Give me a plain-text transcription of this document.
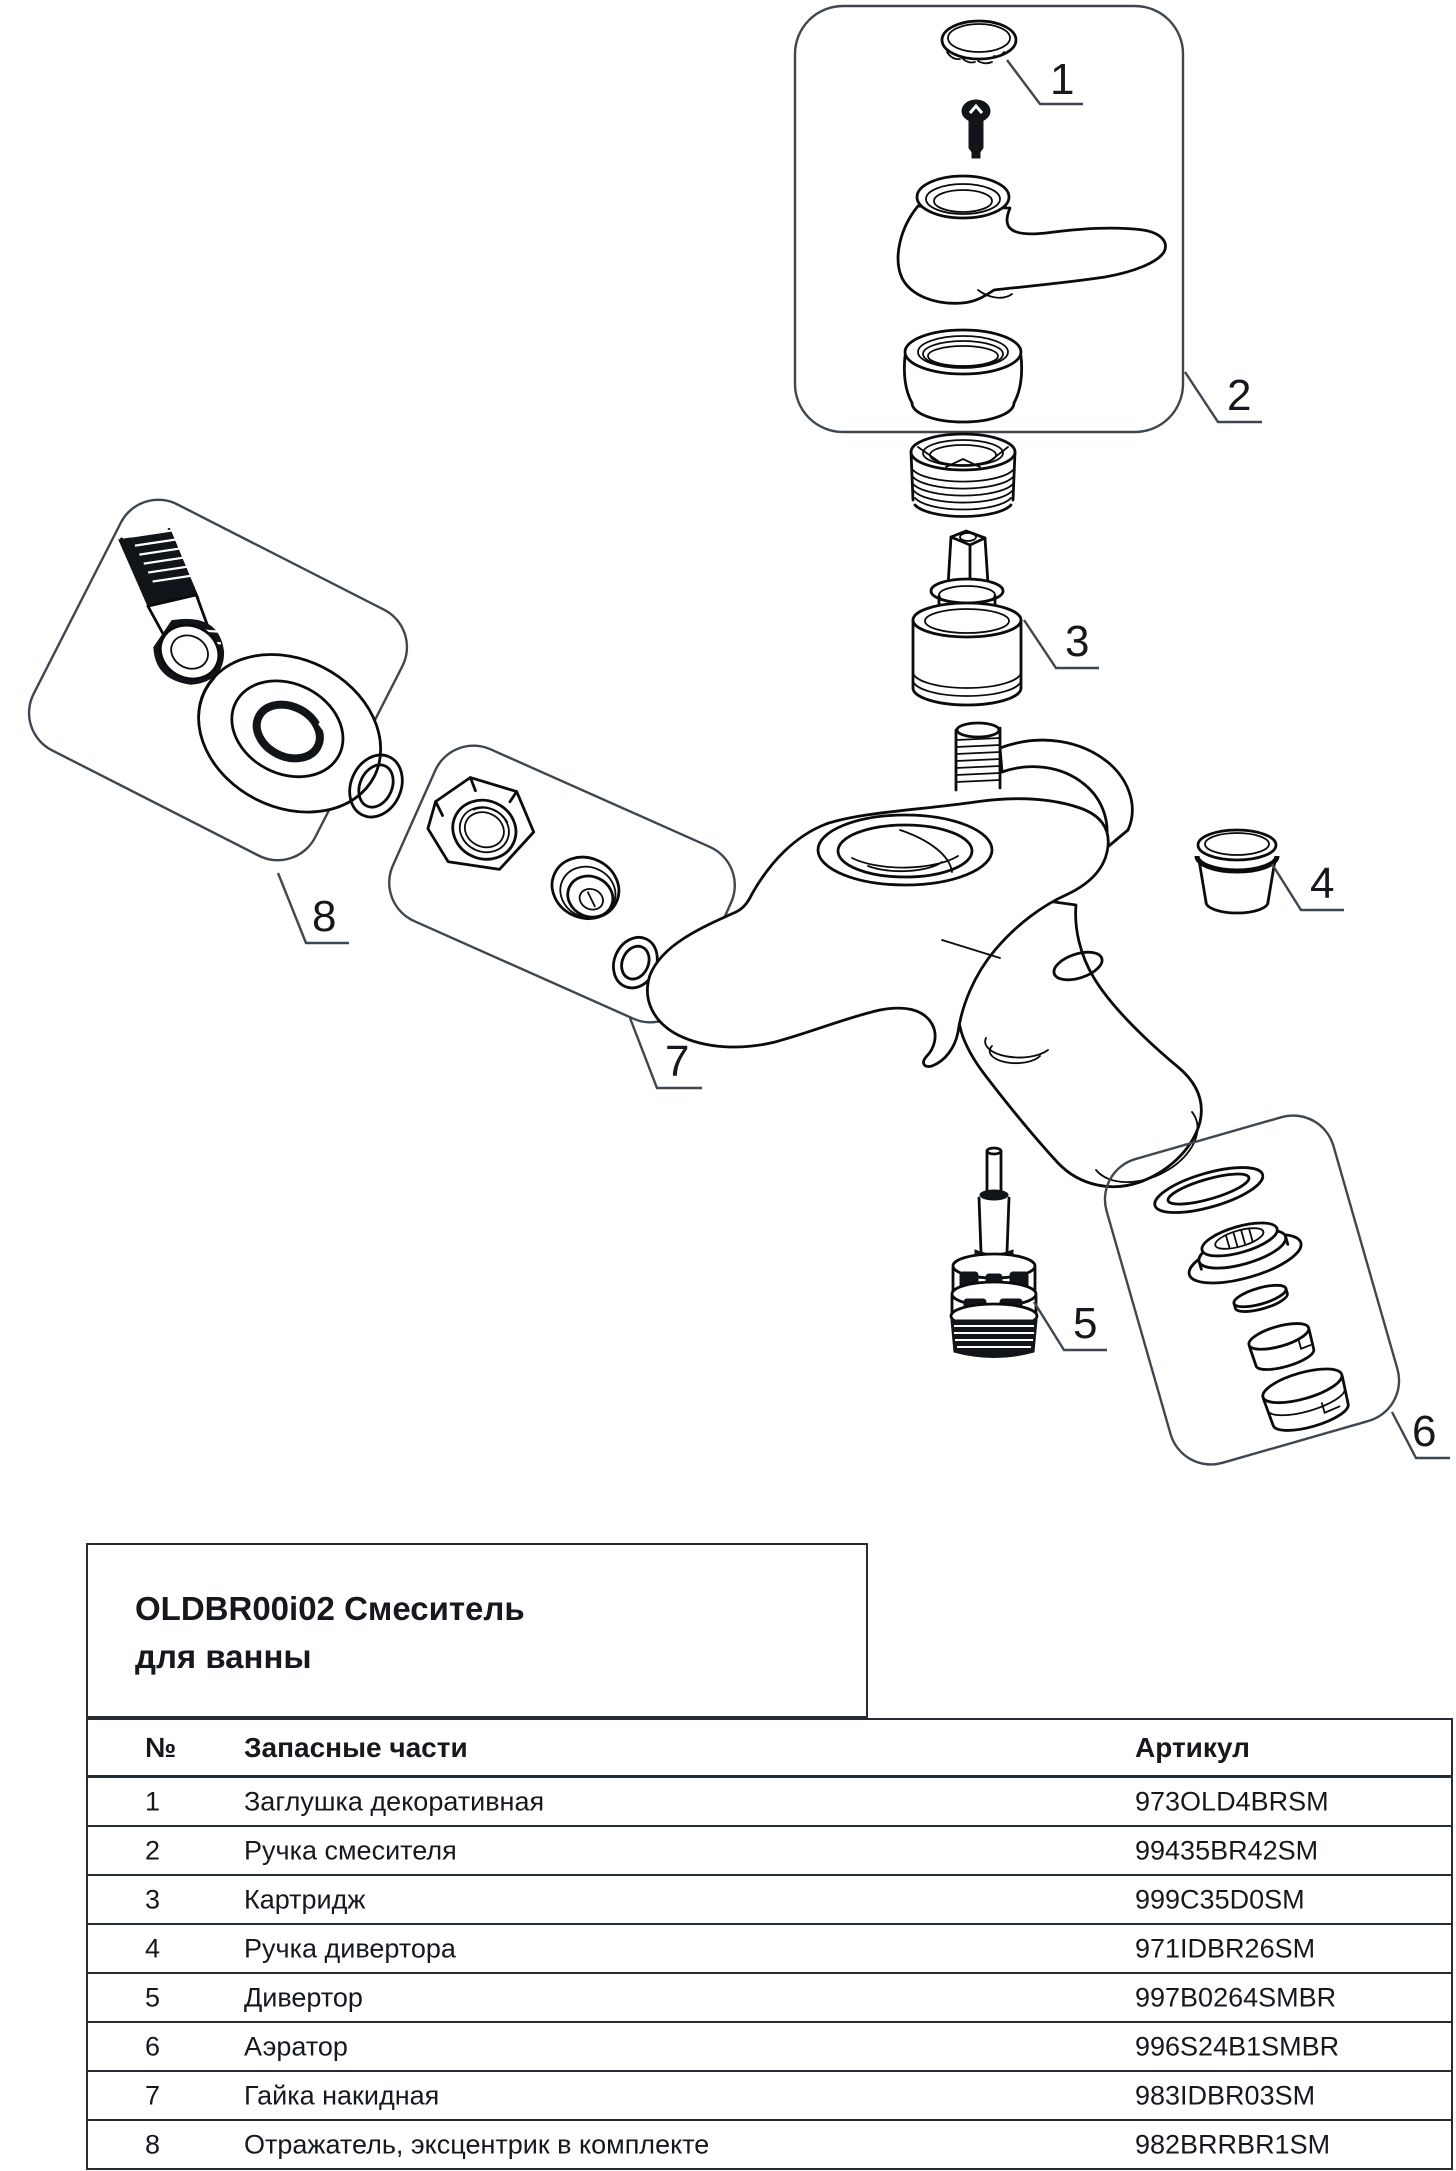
1
2
3
8
7
4
5
6
OLDBR00i02 Смеситель
для ванны
№ Запасные части	Артикул
1	Заглушка декоративная	973OLD4BRSM
2	Ручка смесителя	99435BR42SM
3	Картридж	999C35D0SM
4	Ручка дивертора	971IDBR26SM
5	Дивертор	997B0264SMBR
6	Аэратор	996S24B1SMBR
7	Гайка накидная	983IDBR03SM
8	Отражатель, эксцентрик в комплекте	982BRRBR1SM
